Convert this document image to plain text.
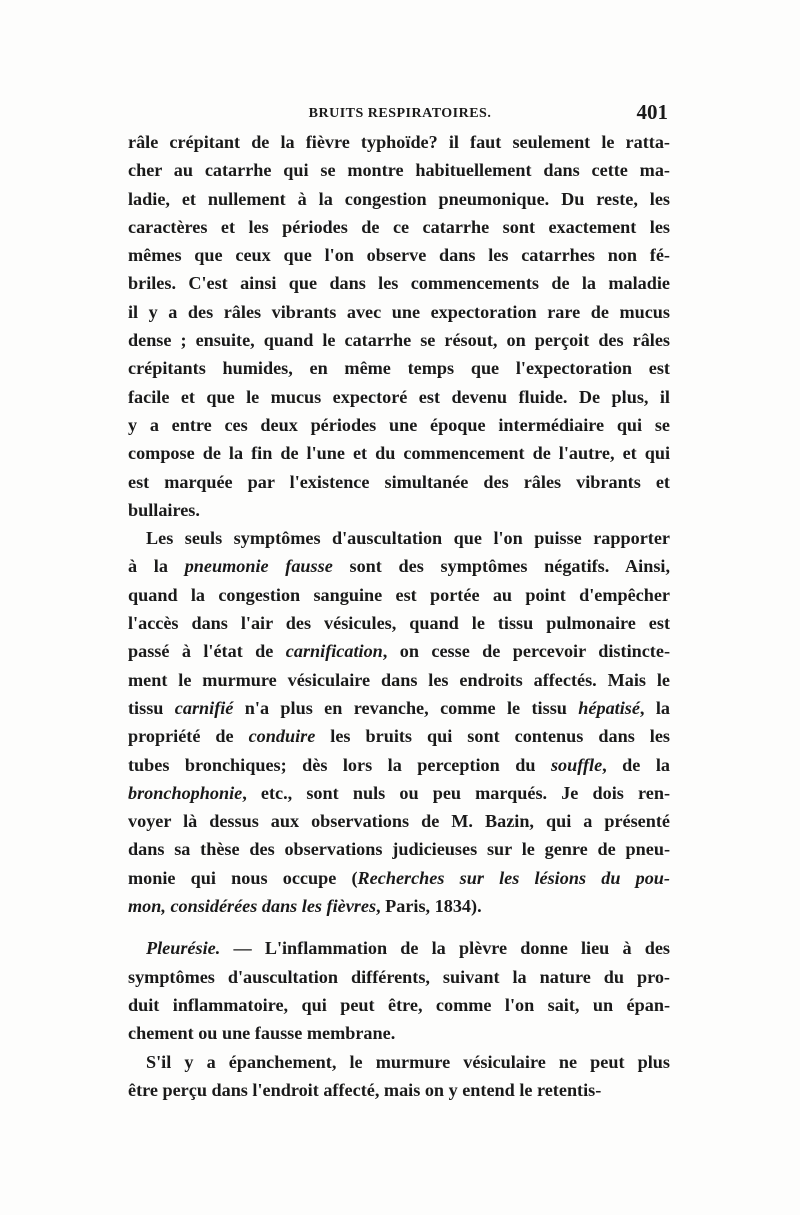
BRUITS RESPIRATOIRES.	401

râle crépitant de la fièvre typhoïde? il faut seulement le ratta-
cher au catarrhe qui se montre habituellement dans cette ma-
ladie, et nullement à la congestion pneumonique. Du reste, les
caractères et les périodes de ce catarrhe sont exactement les
mêmes que ceux que l'on observe dans les catarrhes non fé-
briles. C'est ainsi que dans les commencements de la maladie
il y a des râles vibrants avec une expectoration rare de mucus
dense ; ensuite, quand le catarrhe se résout, on perçoit des râles
crépitants humides, en même temps que l'expectoration est
facile et que le mucus expectoré est devenu fluide. De plus, il
y a entre ces deux périodes une époque intermédiaire qui se
compose de la fin de l'une et du commencement de l'autre, et qui
est marquée par l'existence simultanée des râles vibrants et
bullaires.

Les seuls symptômes d'auscultation que l'on puisse rapporter
à la pneumonie fausse sont des symptômes négatifs. Ainsi,
quand la congestion sanguine est portée au point d'empêcher
l'accès dans l'air des vésicules, quand le tissu pulmonaire est
passé à l'état de carnification, on cesse de percevoir distincte-
ment le murmure vésiculaire dans les endroits affectés. Mais le
tissu carnifié n'a plus en revanche, comme le tissu hépatisé, la
propriété de conduire les bruits qui sont contenus dans les
tubes bronchiques; dès lors la perception du souffle, de la
bronchophonie, etc., sont nuls ou peu marqués. Je dois ren-
voyer là dessus aux observations de M. Bazin, qui a présenté
dans sa thèse des observations judicieuses sur le genre de pneu-
monie qui nous occupe (Recherches sur les lésions du pou-
mon, considérées dans les fièvres, Paris, 1834).

Pleurésie. — L'inflammation de la plèvre donne lieu à des
symptômes d'auscultation différents, suivant la nature du pro-
duit inflammatoire, qui peut être, comme l'on sait, un épan-
chement ou une fausse membrane.

S'il y a épanchement, le murmure vésiculaire ne peut plus
être perçu dans l'endroit affecté, mais on y entend le retentis-
